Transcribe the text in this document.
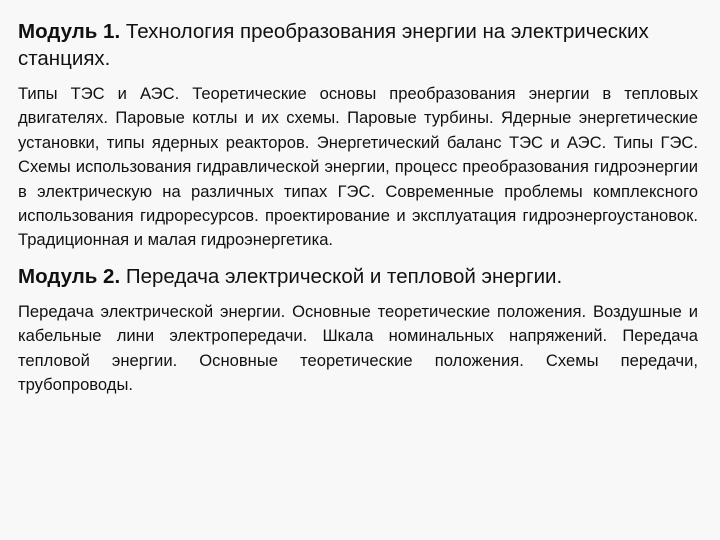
Модуль 1. Технология преобразования энергии на электрических станциях.

Типы ТЭС и АЭС. Теоретические основы преобразования энергии в тепловых двигателях. Паровые котлы и их схемы. Паровые турбины. Ядерные энергетические установки, типы ядерных реакторов. Энергетический баланс ТЭС и АЭС. Типы ГЭС. Схемы использования гидравлической энергии, процесс преобразования гидроэнергии в электрическую на различных типах ГЭС. Современные проблемы комплексного использования гидроресурсов. проектирование и эксплуатация гидроэнергоустановок. Традиционная и малая гидроэнергетика.

Модуль 2. Передача электрической и тепловой энергии.

Передача электрической энергии. Основные теоретические положения. Воздушные и кабельные лини электропередачи. Шкала номинальных напряжений. Передача тепловой энергии. Основные теоретические положения. Схемы передачи, трубопроводы.
